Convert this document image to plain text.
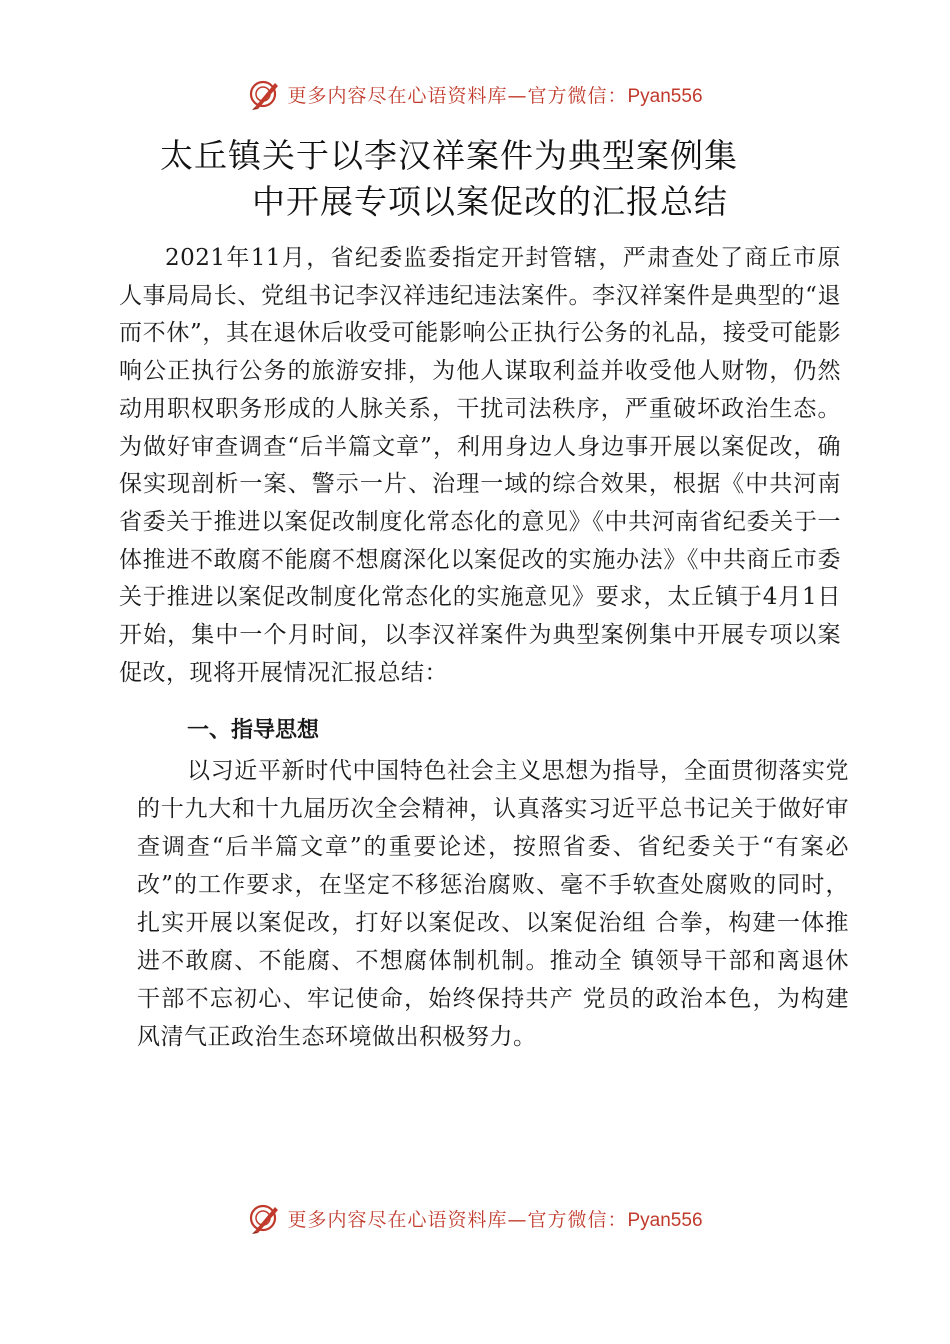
更多内容尽在心语资料库—官方微信：Pyan556
太丘镇关于以李汉祥案件为典型案例集
中开展专项以案促改的汇报总结

2021年11月，省纪委监委指定开封管辖，严肃查处了商丘市原人事局局长、党组书记李汉祥违纪违法案件。李汉祥案件是典型的“退而不休”，其在退休后收受可能影响公正执行公务的礼品，接受可能影响公正执行公务的旅游安排，为他人谋取利益并收受他人财物，仍然动用职权职务形成的人脉关系，干扰司法秩序，严重破坏政治生态。为做好审查调查“后半篇文章”，利用身边人身边事开展以案促改，确保实现剖析一案、警示一片、治理一域的综合效果，根据《中共河南省委关于推进以案促改制度化常态化的意见》《中共河南省纪委关于一体推进不敢腐不能腐不想腐深化以案促改的实施办法》《中共商丘市委关于推进以案促改制度化常态化的实施意见》要求，太丘镇于4月1日开始，集中一个月时间，以李汉祥案件为典型案例集中开展专项以案促改，现将开展情况汇报总结：

一、指导思想

以习近平新时代中国特色社会主义思想为指导，全面贯彻落实党的十九大和十九届历次全会精神，认真落实习近平总书记关于做好审查调查“后半篇文章”的重要论述，按照省委、省纪委关于“有案必改”的工作要求，在坚定不移惩治腐败、毫不手软查处腐败的同时，扎实开展以案促改，打好以案促改、以案促治组 合拳，构建一体推进不敢腐、不能腐、不想腐体制机制。推动全 镇领导干部和离退休干部不忘初心、牢记使命，始终保持共产 党员的政治本色，为构建风清气正政治生态环境做出积极努力。

更多内容尽在心语资料库—官方微信：Pyan556
